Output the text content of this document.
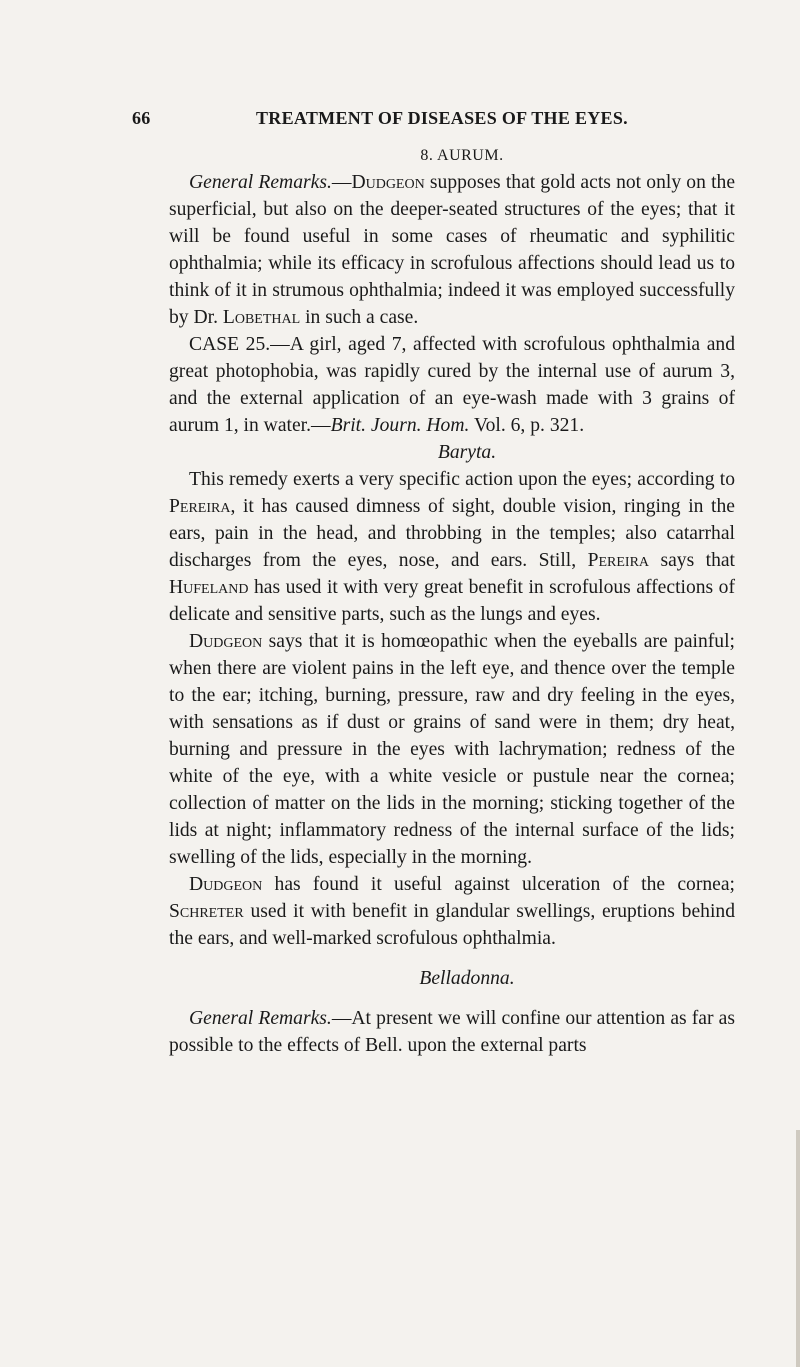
66	TREATMENT OF DISEASES OF THE EYES.
8. AURUM.

General Remarks.—Dudgeon supposes that gold acts not only on the superficial, but also on the deeper-seated structures of the eyes; that it will be found useful in some cases of rheumatic and syphilitic ophthalmia; while its efficacy in scrofulous affections should lead us to think of it in strumous ophthalmia; indeed it was employed successfully by Dr. Lobethal in such a case.

CASE 25.—A girl, aged 7, affected with scrofulous ophthalmia and great photophobia, was rapidly cured by the internal use of aurum 3, and the external application of an eye-wash made with 3 grains of aurum 1, in water.—Brit. Journ. Hom. Vol. 6, p. 321.

Baryta.

This remedy exerts a very specific action upon the eyes; according to Pereira, it has caused dimness of sight, double vision, ringing in the ears, pain in the head, and throbbing in the temples; also catarrhal discharges from the eyes, nose, and ears. Still, Pereira says that Hufeland has used it with very great benefit in scrofulous affections of delicate and sensitive parts, such as the lungs and eyes.

Dudgeon says that it is homœopathic when the eyeballs are painful; when there are violent pains in the left eye, and thence over the temple to the ear; itching, burning, pressure, raw and dry feeling in the eyes, with sensations as if dust or grains of sand were in them; dry heat, burning and pressure in the eyes with lachrymation; redness of the white of the eye, with a white vesicle or pustule near the cornea; collection of matter on the lids in the morning; sticking together of the lids at night; inflammatory redness of the internal surface of the lids; swelling of the lids, especially in the morning.

Dudgeon has found it useful against ulceration of the cornea; Schreter used it with benefit in glandular swellings, eruptions behind the ears, and well-marked scrofulous ophthalmia.

Belladonna.

General Remarks.—At present we will confine our attention as far as possible to the effects of Bell. upon the external parts
